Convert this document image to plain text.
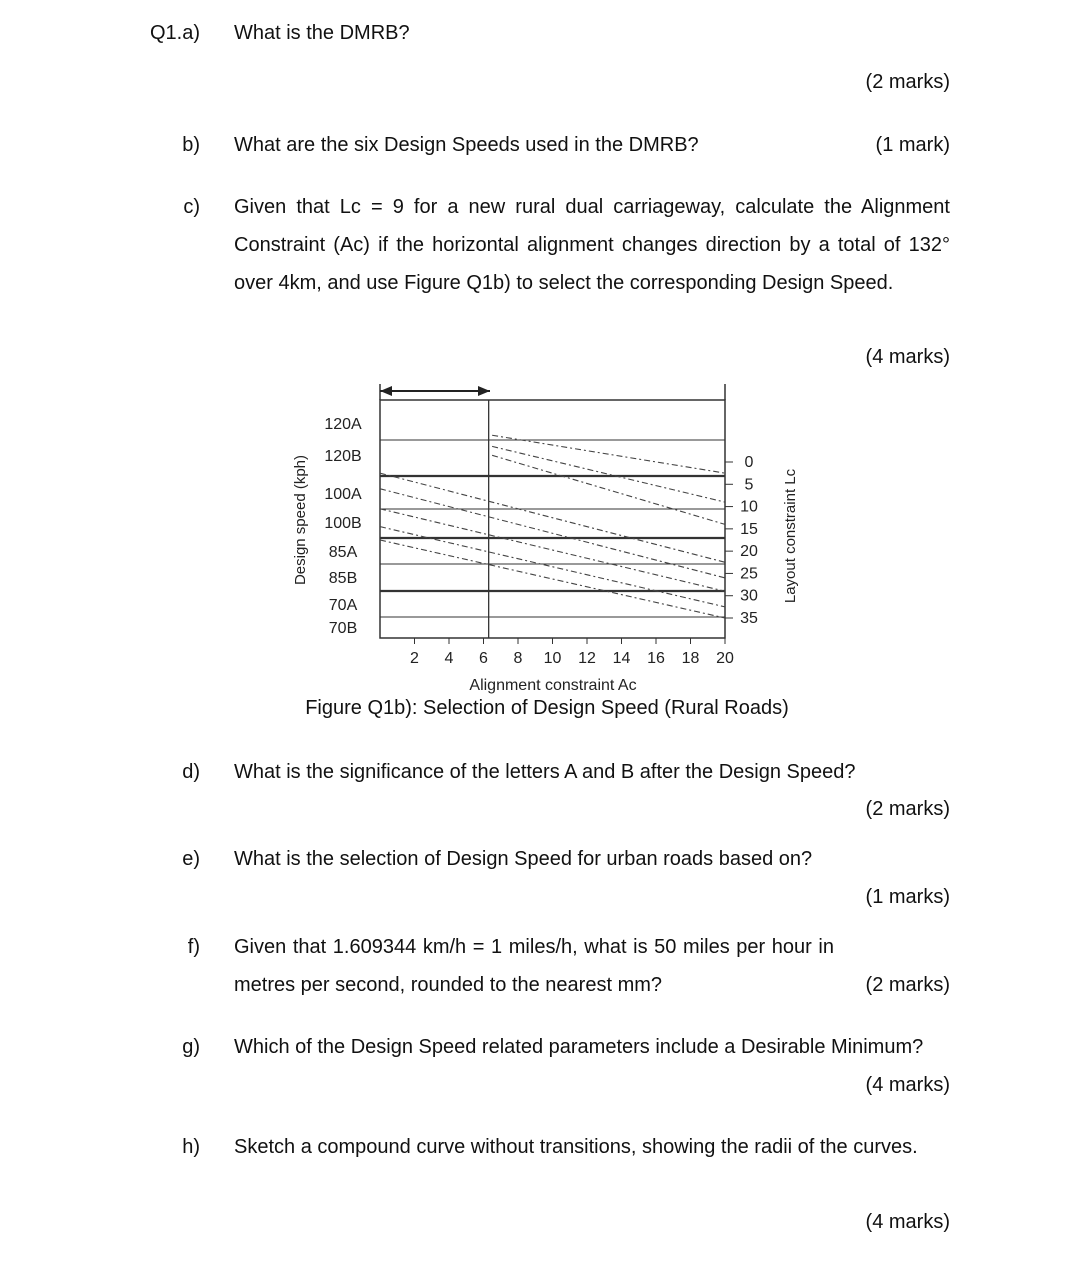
Q1.a) What is the DMRB?
(2 marks)
b) What are the six Design Speeds used in the DMRB?	(1 mark)
c) Given that Lc = 9 for a new rural dual carriageway, calculate the Alignment Constraint (Ac) if the horizontal alignment changes direction by a total of 132° over 4km, and use Figure Q1b) to select the corresponding Design Speed.
(4 marks)
Design speed (kph)	Layout constraint Lc
Alignment constraint Ac
120A
120B
100A
100B
85A
85B
70A
70B
0
5
10
15
20
25
30
35
2 4 6 8 10 12 14 16 18 20
Figure Q1b): Selection of Design Speed (Rural Roads)
d) What is the significance of the letters A and B after the Design Speed?
(2 marks)
e) What is the selection of Design Speed for urban roads based on?
(1 marks)
f) Given that 1.609344 km/h = 1 miles/h, what is 50 miles per hour in metres per second, rounded to the nearest mm?	(2 marks)
g) Which of the Design Speed related parameters include a Desirable Minimum?
(4 marks)
h) Sketch a compound curve without transitions, showing the radii of the curves.
(4 marks)
